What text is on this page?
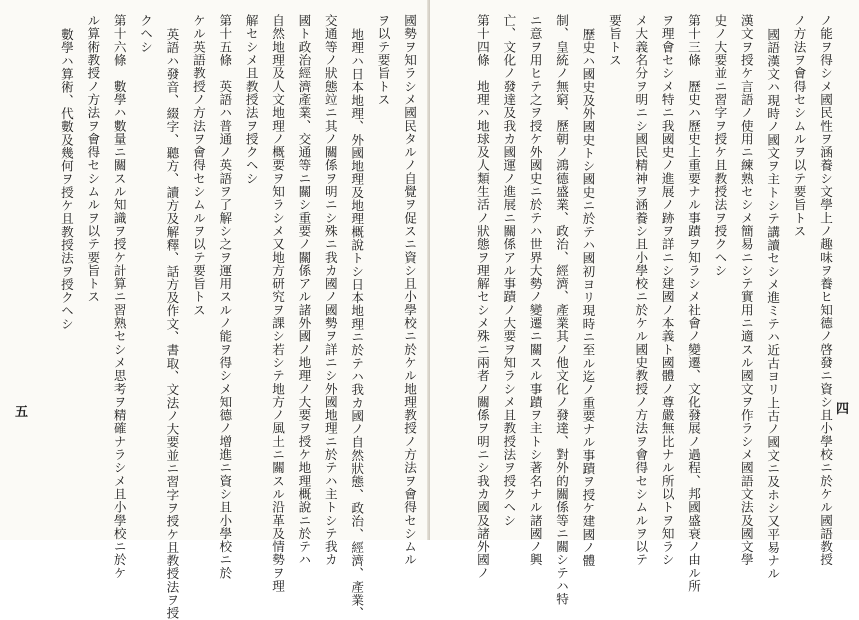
國勢ヲ知ラシメ國民タルノ自覺ヲ促スニ資シ且小學校ニ於ケル地理教授ノ方法ヲ會得セシムル
ヲ以テ要旨トス
地理ハ日本地理、外國地理及地理概說トシ日本地理ニ於テハ我カ國ノ自然狀態、政治、經濟、產業、
交通等ノ狀態竝ニ其ノ關係ヲ明ニシ殊ニ我カ國ノ國勢ヲ詳ニシ外國地理ニ於テハ主トシテ我カ
國ト政治經濟產業、交通等ニ關シ重要ノ關係アル諸外國ノ地理ノ大要ヲ授ケ地理概說ニ於テハ
自然地理及人文地理ノ概要ヲ知ラシメ又地方研究ヲ課シ若シテ地方ノ風土ニ關スル沿革及情勢ヲ理
解セシメ且教授法ヲ授クヘシ
第十五條　英語ハ普通ノ英語ヲ了解シ之ヲ運用スルノ能ヲ得シメ知德ノ增進ニ資シ且小學校ニ於
ケル英語教授ノ方法ヲ會得セシムルヲ以テ要旨トス
英語ハ發音、綴字、聽方、讀方及解釋、話方及作文、書取、文法ノ大要並ニ習字ヲ授ケ且教授法ヲ授
クヘシ
第十六條　數學ハ數量ニ關スル知識ヲ授ケ計算ニ習熟セシメ思考ヲ精確ナラシメ且小學校ニ於ケ
ル算術教授ノ方法ヲ會得セシムルヲ以テ要旨トス
數學ハ算術、代數及幾何ヲ授ケ且教授法ヲ授クヘシ
五	ノ能ヲ得シメ國民性ヲ涵養シ文學上ノ趣味ヲ養ヒ知德ノ啓發ニ資シ且小學校ニ於ケル國語教授
ノ方法ヲ會得セシムルヲ以テ要旨トス
國語漢文ハ現時ノ國文ヲ主トシテ講讀セシメ進ミテハ近古ヨリ上古ノ國文ニ及ホシ又平易ナル
漢文ヲ授ケ言語ノ使用ニ練熟セシメ簡易ニシテ實用ニ適スル國文ヲ作ラシメ國語文法及國文學
史ノ大要並ニ習字ヲ授ケ且教授法ヲ授クヘシ
第十三條　歷史ハ歷史上重要ナル事蹟ヲ知ラシメ社會ノ變遷、文化發展ノ過程、邦國盛衰ノ由ル所
ヲ理會セシメ特ニ我國史ノ進展ノ跡ヲ詳ニシ建國ノ本義ト國體ノ尊嚴無比ナル所以トヲ知ラシ
メ大義名分ヲ明ニシ國民精神ヲ涵養シ且小學校ニ於ケル國史教授ノ方法ヲ會得セシムルヲ以テ
要旨トス
歷史ハ國史及外國史トシ國史ニ於テハ國初ヨリ現時ニ至ル迄ノ重要ナル事蹟ヲ授ケ建國ノ體
制、皇統ノ無窮、歷朝ノ鴻德盛業、政治、經濟、產業其ノ他文化ノ發達、對外的關係等ニ關シテハ特
ニ意ヲ用ヒテ之ヲ授ケ外國史ニ於テハ世界大勢ノ變遷ニ關スル事蹟ヲ主トシ著名ナル諸國ノ興
亡、文化ノ發達及我カ國運ノ進展ニ關係アル事蹟ノ大要ヲ知ラシメ且教授法ヲ授クヘシ
第十四條　地理ハ地球及人類生活ノ狀態ヲ理解セシメ殊ニ兩者ノ關係ヲ明ニシ我カ國及諸外國ノ	四
